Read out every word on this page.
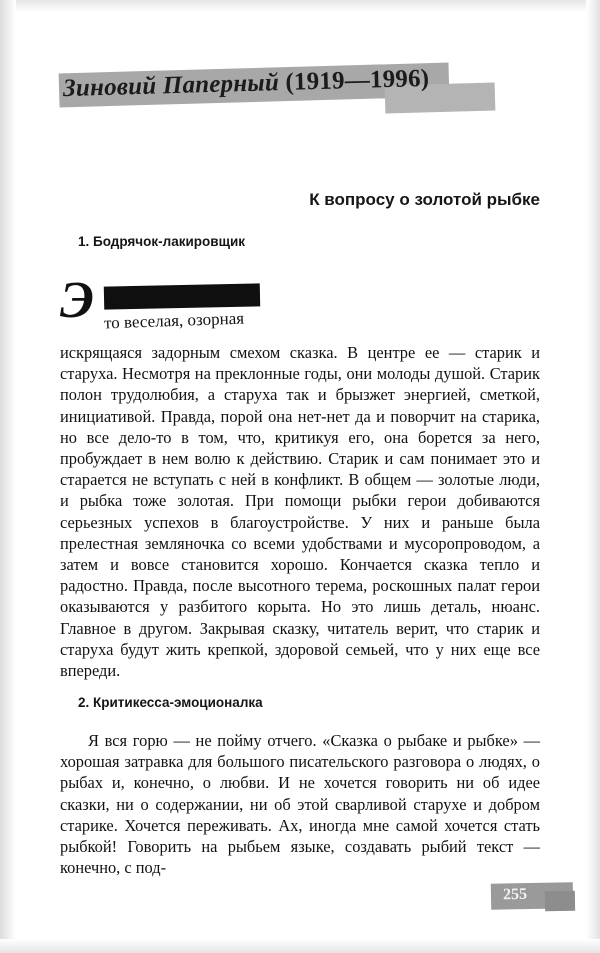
Зиновий Паперный (1919—1996)
К вопросу о золотой рыбке
1. Бодрячок-лакировщик
Э то веселая, озорная
искрящаяся задорным смехом сказка. В центре ее — старик и старуха. Несмотря на преклонные годы, они молоды душой. Старик полон трудолюбия, а старуха так и брызжет энергией, сметкой, инициативой. Правда, порой она нет-нет да и поворчит на старика, но все дело-то в том, что, критикуя его, она борется за него, пробуждает в нем волю к действию. Старик и сам понимает это и старается не вступать с ней в конфликт. В общем — золотые люди, и рыбка тоже золотая. При помощи рыбки герои добиваются серьезных успехов в благоустройстве. У них и раньше была прелестная земляночка со всеми удобствами и мусоропроводом, а затем и вовсе становится хорошо. Кончается сказка тепло и радостно. Правда, после высотного терема, роскошных палат герои оказываются у разбитого корыта. Но это лишь деталь, нюанс. Главное в другом. Закрывая сказку, читатель верит, что старик и старуха будут жить крепкой, здоровой семьей, что у них еще все впереди.
2. Критикесса-эмоционалка
Я вся горю — не пойму отчего. «Сказка о рыбаке и рыбке» — хорошая затравка для большого писательского разговора о людях, о рыбах и, конечно, о любви. И не хочется говорить ни об идее сказки, ни о содержании, ни об этой сварливой старухе и добром старике. Хочется переживать. Ах, иногда мне самой хочется стать рыбкой! Говорить на рыбьем языке, создавать рыбий текст — конечно, с под-
255
